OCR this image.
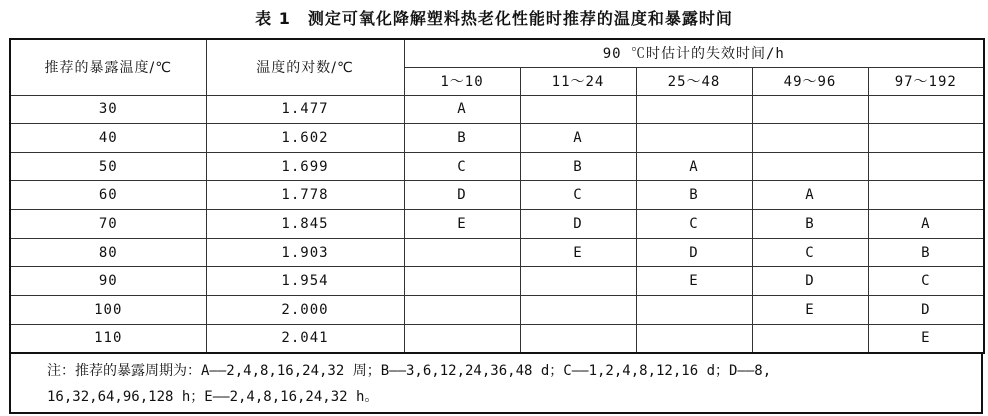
表 1　测定可氧化降解塑料热老化性能时推荐的温度和暴露时间
推荐的暴露温度/℃	温度的对数/℃	90 ℃时估计的失效时间/h				
		1～10	11～24	25～48	49～96	97～192
30	1.477	A				
40	1.602	B	A			
50	1.699	C	B	A		
60	1.778	D	C	B	A	
70	1.845	E	D	C	B	A
80	1.903		E	D	C	B
90	1.954			E	D	C
100	2.000				E	D
110	2.041					E
注：推荐的暴露周期为：A——2,4,8,16,24,32 周；B——3,6,12,24,36,48 d；C——1,2,4,8,12,16 d；D——8,
16,32,64,96,128 h；E——2,4,8,16,24,32 h。
